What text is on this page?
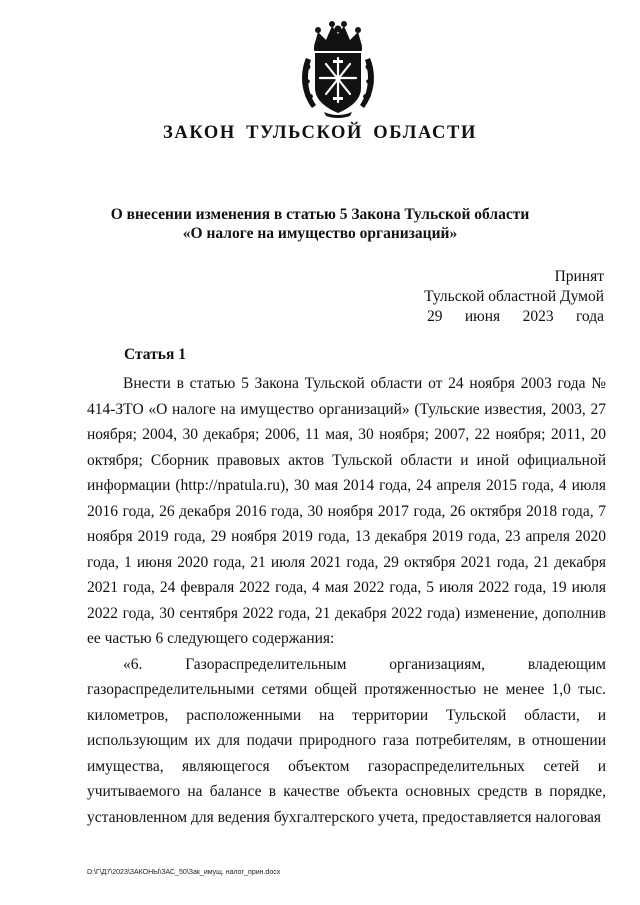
ЗАКОН ТУЛЬСКОЙ ОБЛАСТИ
О внесении изменения в статью 5 Закона Тульской области
«О налоге на имущество организаций»
Принят
Тульской областной Думой
29 июня 2023 года
Статья 1

Внести в статью 5 Закона Тульской области от 24 ноября 2003 года № 414-ЗТО «О налоге на имущество организаций» (Тульские известия, 2003, 27 ноября; 2004, 30 декабря; 2006, 11 мая, 30 ноября; 2007, 22 ноября; 2011, 20 октября; Сборник правовых актов Тульской области и иной официальной информации (http://npatula.ru), 30 мая 2014 года, 24 апреля 2015 года, 4 июля 2016 года, 26 декабря 2016 года, 30 ноября 2017 года, 26 октября 2018 года, 7 ноября 2019 года, 29 ноября 2019 года, 13 декабря 2019 года, 23 апреля 2020 года, 1 июня 2020 года, 21 июля 2021 года, 29 октября 2021 года, 21 декабря 2021 года, 24 февраля 2022 года, 4 мая 2022 года, 5 июля 2022 года, 19 июля 2022 года, 30 сентября 2022 года, 21 декабря 2022 года) изменение, дополнив ее частью 6 следующего содержания:

«6. Газораспределительным организациям, владеющим газораспределительными сетями общей протяженностью не менее 1,0 тыс. километров, расположенными на территории Тульской области, и использующим их для подачи природного газа потребителям, в отношении имущества, являющегося объектом газораспределительных сетей и учитываемого на балансе в качестве объекта основных средств в порядке, установленном для ведения бухгалтерского учета, предоставляется налоговая

D:\Г\Д7\2023\ЗАКОНЫ\ЗАС_50\Зак_имущ. налог_прин.docx
